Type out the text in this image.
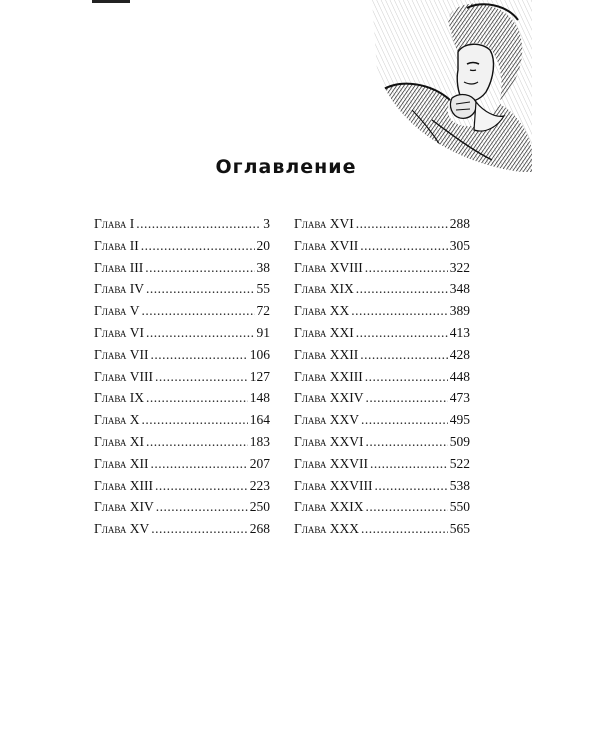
Оглавление
Глава I .....	3
Глава II .....	20
Глава III .....	38
Глава IV .....	55
Глава V .....	72
Глава VI .....	91
Глава VII .....	106
Глава VIII .....	127
Глава IX .....	148
Глава X .....	164
Глава XI .....	183
Глава XII .....	207
Глава XIII .....	223
Глава XIV .....	250
Глава XV .....	268
Глава XVI .....	288
Глава XVII .....	305
Глава XVIII .....	322
Глава XIX .....	348
Глава XX .....	389
Глава XXI .....	413
Глава XXII .....	428
Глава XXIII .....	448
Глава XXIV .....	473
Глава XXV .....	495
Глава XXVI .....	509
Глава XXVII .....	522
Глава XXVIII .....	538
Глава XXIX .....	550
Глава XXX .....	565
